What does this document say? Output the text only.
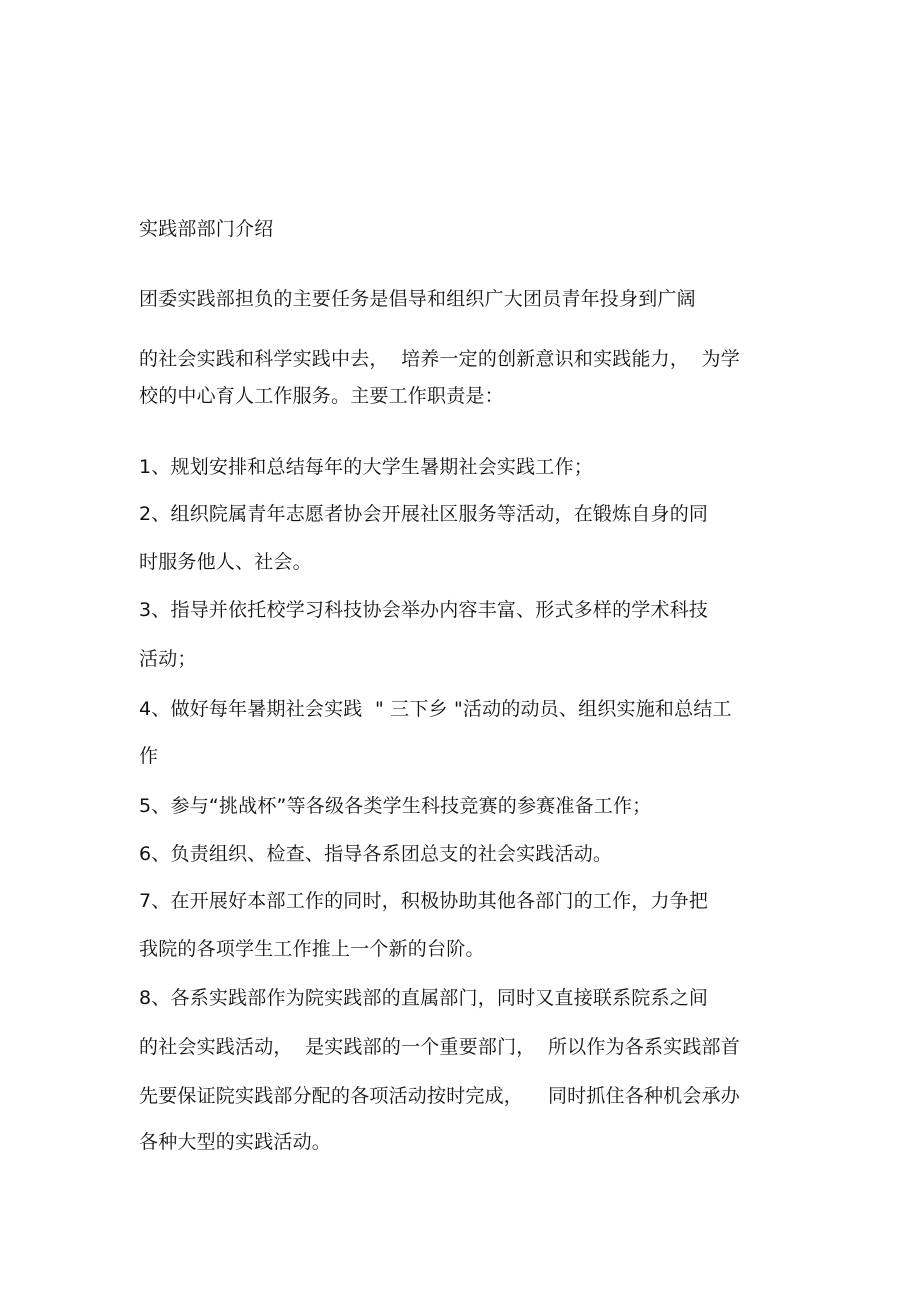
实践部部门介绍
团委实践部担负的主要任务是倡导和组织广大团员青年投身到广阔
的社会实践和科学实践中去，  培养一定的创新意识和实践能力，  为学
校的中心育人工作服务。主要工作职责是：
1、规划安排和总结每年的大学生暑期社会实践工作；
2、组织院属青年志愿者协会开展社区服务等活动，在锻炼自身的同
时服务他人、社会。
3、指导并依托校学习科技协会举办内容丰富、形式多样的学术科技
活动；
4、做好每年暑期社会实践  " 三下乡 "活动的动员、组织实施和总结工
作
5、参与“挑战杯”等各级各类学生科技竞赛的参赛准备工作；
6、负责组织、检查、指导各系团总支的社会实践活动。
7、在开展好本部工作的同时，积极协助其他各部门的工作，力争把
我院的各项学生工作推上一个新的台阶。
8、各系实践部作为院实践部的直属部门，同时又直接联系院系之间
的社会实践活动，  是实践部的一个重要部门，  所以作为各系实践部首
先要保证院实践部分配的各项活动按时完成，    同时抓住各种机会承办
各种大型的实践活动。
